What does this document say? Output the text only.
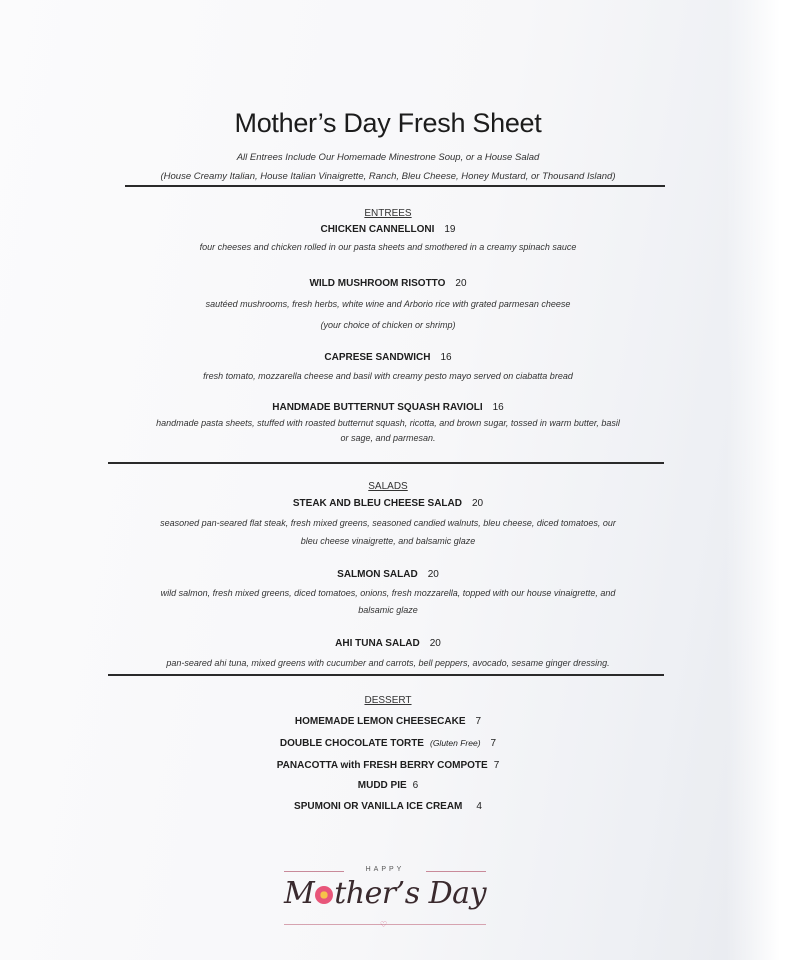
Mother’s Day Fresh Sheet
All Entrees Include Our Homemade Minestrone Soup, or a House Salad
(House Creamy Italian, House Italian Vinaigrette, Ranch, Bleu Cheese, Honey Mustard, or Thousand Island)
ENTREES
CHICKEN CANNELLONI 19
four cheeses and chicken rolled in our pasta sheets and smothered in a creamy spinach sauce
WILD MUSHROOM RISOTTO 20
sautéed mushrooms, fresh herbs, white wine and Arborio rice with grated parmesan cheese
(your choice of chicken or shrimp)
CAPRESE SANDWICH 16
fresh tomato, mozzarella cheese and basil with creamy pesto mayo served on ciabatta bread
HANDMADE BUTTERNUT SQUASH RAVIOLI 16
handmade pasta sheets, stuffed with roasted butternut squash, ricotta, and brown sugar, tossed in warm butter, basil
or sage, and parmesan.
SALADS
STEAK AND BLEU CHEESE SALAD 20
seasoned pan-seared flat steak, fresh mixed greens, seasoned candied walnuts, bleu cheese, diced tomatoes, our
bleu cheese vinaigrette, and balsamic glaze
SALMON SALAD 20
wild salmon, fresh mixed greens, diced tomatoes, onions, fresh mozzarella, topped with our house vinaigrette, and
balsamic glaze
AHI TUNA SALAD 20
pan-seared ahi tuna, mixed greens with cucumber and carrots, bell peppers, avocado, sesame ginger dressing.
DESSERT
HOMEMADE LEMON CHEESECAKE 7
DOUBLE CHOCOLATE TORTE (Gluten Free) 7
PANACOTTA with FRESH BERRY COMPOTE 7
MUDD PIE 6
SPUMONI OR VANILLA ICE CREAM 4
HAPPY
M ther’s Day
♡
